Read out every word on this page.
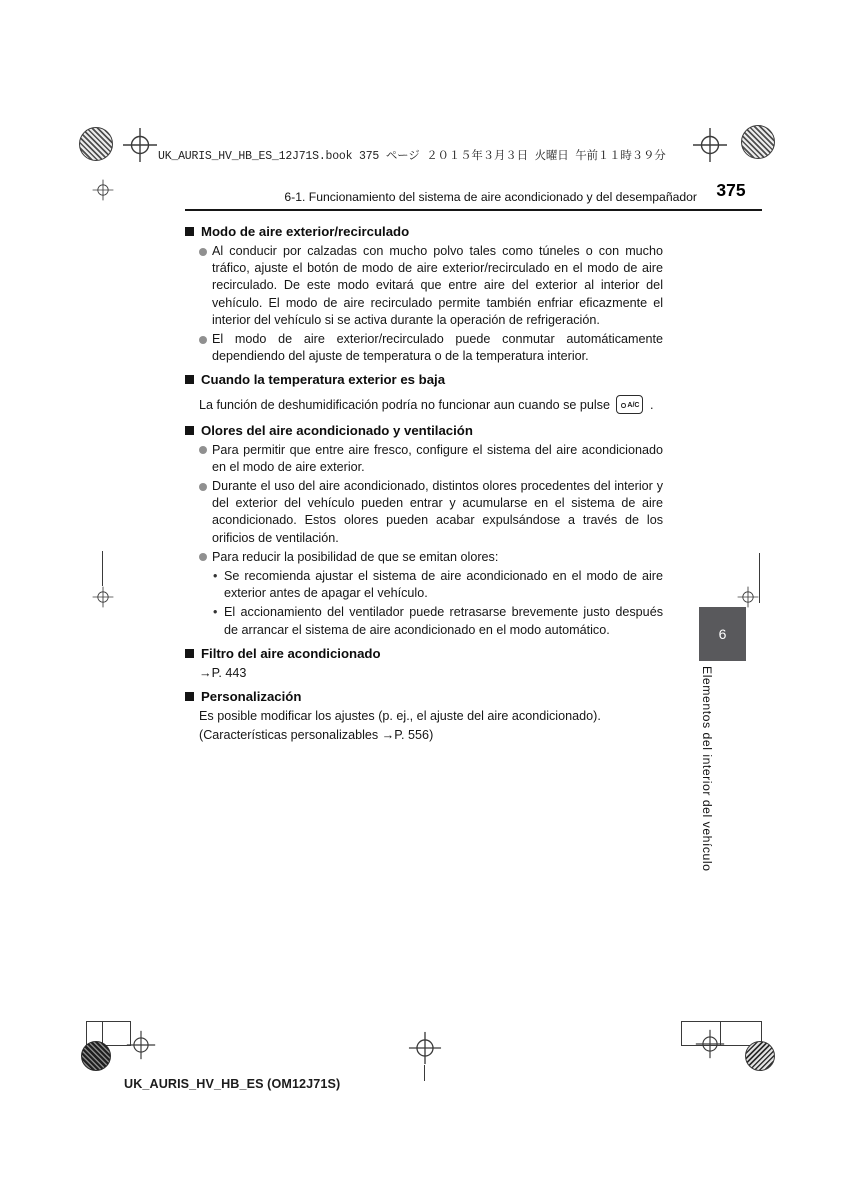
UK_AURIS_HV_HB_ES_12J71S.book 375 ページ ２０１５年３月３日 火曜日 午前１１時３９分
6-1. Funcionamiento del sistema de aire acondicionado y del desempañador	375
Modo de aire exterior/recirculado
Al conducir por calzadas con mucho polvo tales como túneles o con mucho tráfico, ajuste el botón de modo de aire exterior/recirculado en el modo de aire recirculado. De este modo evitará que entre aire del exterior al interior del vehículo. El modo de aire recirculado permite también enfriar eficazmente el interior del vehículo si se activa durante la operación de refrigeración.
El modo de aire exterior/recirculado puede conmutar automáticamente dependiendo del ajuste de temperatura o de la temperatura interior.
Cuando la temperatura exterior es baja
La función de deshumidificación podría no funcionar aun cuando se pulse A/C .
Olores del aire acondicionado y ventilación
Para permitir que entre aire fresco, configure el sistema del aire acondicionado en el modo de aire exterior.
Durante el uso del aire acondicionado, distintos olores procedentes del interior y del exterior del vehículo pueden entrar y acumularse en el sistema de aire acondicionado. Estos olores pueden acabar expulsándose a través de los orificios de ventilación.
Para reducir la posibilidad de que se emitan olores:
• Se recomienda ajustar el sistema de aire acondicionado en el modo de aire exterior antes de apagar el vehículo.
• El accionamiento del ventilador puede retrasarse brevemente justo después de arrancar el sistema de aire acondicionado en el modo automático.
Filtro del aire acondicionado
→P. 443
Personalización
Es posible modificar los ajustes (p. ej., el ajuste del aire acondicionado).
(Características personalizables →P. 556)
6
Elementos del interior del vehículo
UK_AURIS_HV_HB_ES (OM12J71S)
